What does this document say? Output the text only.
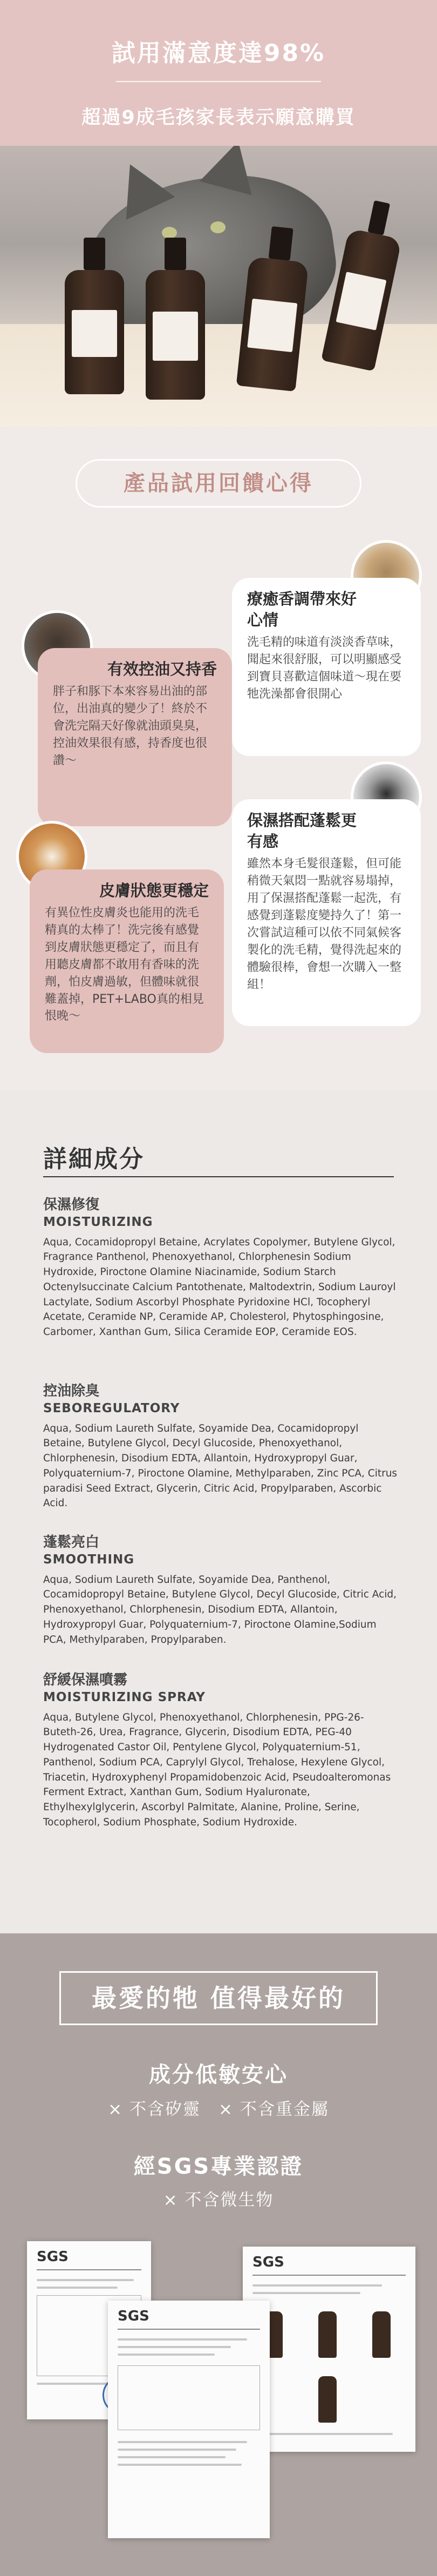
試用滿意度達98%
超過9成毛孩家長表示願意購買
產品試用回饋心得
療癒香調帶來好心情
洗毛精的味道有淡淡香草味，聞起來很舒服，可以明顯感受到寶貝喜歡這個味道～現在要牠洗澡都會很開心
有效控油又持香
胖子和豚下本來容易出油的部位，出油真的變少了！終於不會洗完隔天好像就油頭臭臭，控油效果很有感，持香度也很讚～
保濕搭配蓬鬆更有感
雖然本身毛髮很蓬鬆，但可能稍微天氣悶一點就容易塌掉，用了保濕搭配蓬鬆一起洗，有感覺到蓬鬆度變持久了！第一次嘗試這種可以依不同氣候客製化的洗毛精，覺得洗起來的體驗很棒，會想一次購入一整組！
皮膚狀態更穩定
有異位性皮膚炎也能用的洗毛精真的太棒了！洗完後有感覺到皮膚狀態更穩定了，而且有用聽皮膚都不敢用有香味的洗劑，怕皮膚過敏，但體味就很難蓋掉，PET+LABO真的相見恨晚～
詳細成分
保濕修復
MOISTURIZING
Aqua, Cocamidopropyl Betaine, Acrylates Copolymer, Butylene Glycol, Fragrance Panthenol, Phenoxyethanol, Chlorphenesin Sodium Hydroxide, Piroctone Olamine Niacinamide, Sodium Starch Octenylsuccinate Calcium Pantothenate, Maltodextrin, Sodium Lauroyl Lactylate, Sodium Ascorbyl Phosphate Pyridoxine HCl, Tocopheryl Acetate, Ceramide NP, Ceramide AP, Cholesterol, Phytosphingosine, Carbomer, Xanthan Gum, Silica Ceramide EOP, Ceramide EOS.
控油除臭
SEBOREGULATORY
Aqua, Sodium Laureth Sulfate, Soyamide Dea, Cocamidopropyl Betaine, Butylene Glycol, Decyl Glucoside, Phenoxyethanol, Chlorphenesin, Disodium EDTA, Allantoin, Hydroxypropyl Guar, Polyquaternium-7, Piroctone Olamine, Methylparaben, Zinc PCA, Citrus paradisi Seed Extract, Glycerin, Citric Acid, Propylparaben, Ascorbic Acid.
蓬鬆亮白
SMOOTHING
Aqua, Sodium Laureth Sulfate, Soyamide Dea, Panthenol, Cocamidopropyl Betaine, Butylene Glycol, Decyl Glucoside, Citric Acid, Phenoxyethanol, Chlorphenesin, Disodium EDTA, Allantoin, Hydroxypropyl Guar, Polyquaternium-7, Piroctone Olamine,Sodium PCA, Methylparaben, Propylparaben.
舒緩保濕噴霧
MOISTURIZING SPRAY
Aqua, Butylene Glycol, Phenoxyethanol, Chlorphenesin, PPG-26-Buteth-26, Urea, Fragrance, Glycerin, Disodium EDTA, PEG-40 Hydrogenated Castor Oil, Pentylene Glycol, Polyquaternium-51, Panthenol, Sodium PCA, Caprylyl Glycol, Trehalose, Hexylene Glycol, Triacetin, Hydroxyphenyl Propamidobenzoic Acid, Pseudoalteromonas Ferment Extract, Xanthan Gum, Sodium Hyaluronate, Ethylhexylglycerin, Ascorbyl Palmitate, Alanine, Proline, Serine, Tocopherol, Sodium Phosphate, Sodium Hydroxide.
最愛的牠 值得最好的
成分低敏安心
× 不含矽靈　× 不含重金屬
經SGS專業認證
× 不含微生物
SGS	SGS
SGS
